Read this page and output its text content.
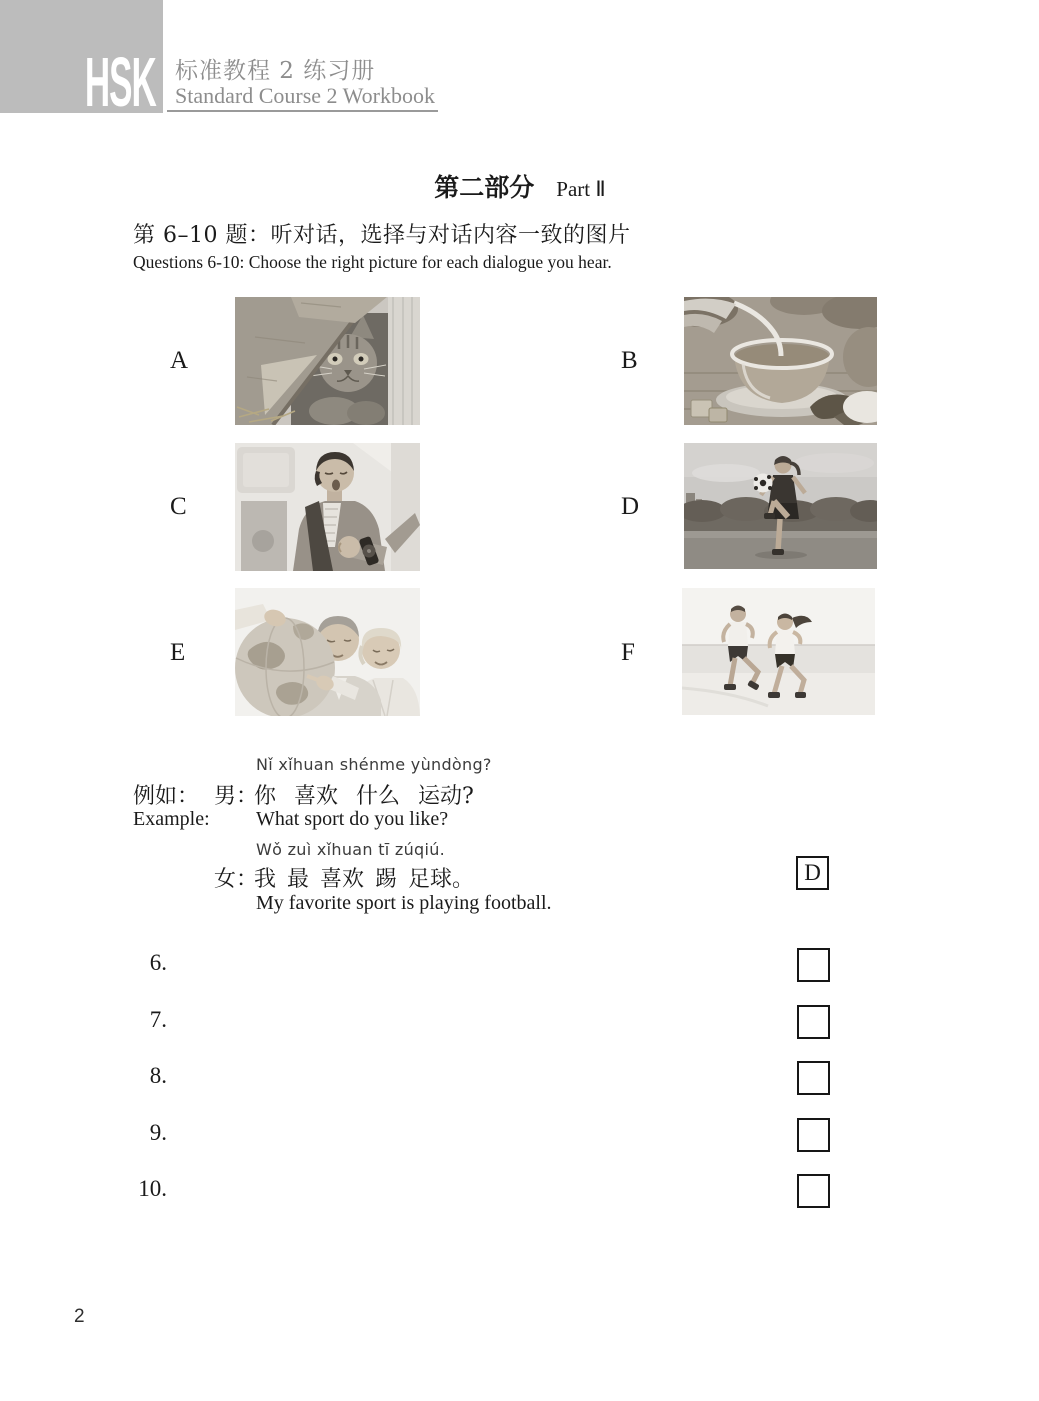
HSK 标准教程 2 练习册
Standard Course 2 Workbook
第二部分 Part Ⅱ
第 6–10 题：听对话，选择与对话内容一致的图片
Questions 6-10: Choose the right picture for each dialogue you hear.
A	B
C	D
E	F
Nǐ xǐhuan shénme yùndòng?
例如： 男：
你 喜欢 什么 运动?
Example: What sport do you like?
Wǒ zuì xǐhuan tī zúqiú.
女：
我 最 喜欢 踢 足球。
My favorite sport is playing football.
D
6.
7.
8.
9.
10.
2
